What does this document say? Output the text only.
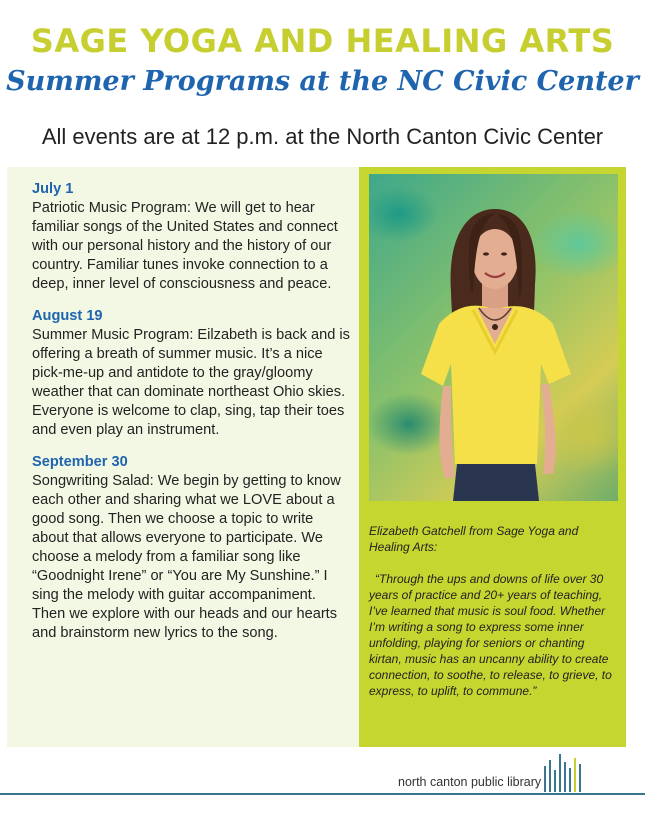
SAGE YOGA AND HEALING ARTS
Summer Programs at the NC Civic Center
All events are at 12 p.m. at the North Canton Civic Center
July 1
Patriotic Music Program: We will get to hear familiar songs of the United States and connect with our personal history and the history of our country. Familiar tunes invoke connection to a deep, inner level of consciousness and peace.
August 19
Summer Music Program: Eilzabeth is back and is offering a breath of summer music. It’s a nice pick-me-up and antidote to the gray/gloomy weather that can dominate northeast Ohio skies. Everyone is welcome to clap, sing, tap their toes and even play an instrument.
September 30
Songwriting Salad: We begin by getting to know each other and sharing what we LOVE about a good song. Then we choose a topic to write about that allows everyone to participate. We choose a melody from a familiar song like “Goodnight Irene” or “You are My Sunshine.” I sing the melody with guitar accompaniment. Then we explore with our heads and our hearts and brainstorm new lyrics to the song.

Elizabeth Gatchell from Sage Yoga and Healing Arts:

“Through the ups and downs of life over 30 years of practice and 20+ years of teaching, I’ve learned that music is soul food. Whether I’m writing a song to express some inner unfolding, playing for seniors or chanting kirtan, music has an uncanny ability to create connection, to soothe, to release, to grieve, to express, to uplift, to commune.”

north canton public library
